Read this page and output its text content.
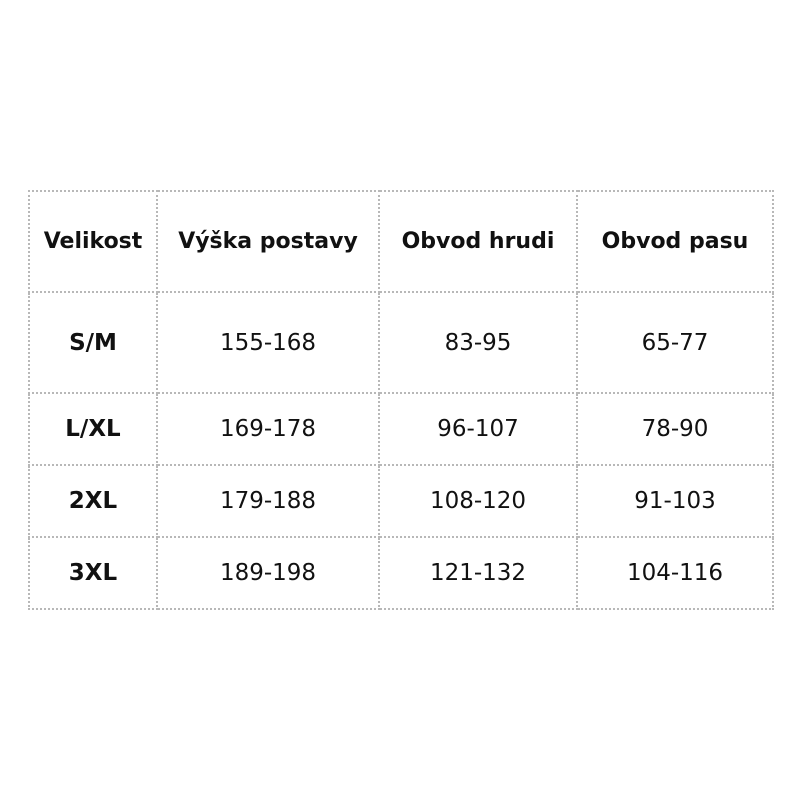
Velikost	Výška postavy	Obvod hrudi	Obvod pasu
S/M	155-168	83-95	65-77
L/XL	169-178	96-107	78-90
2XL	179-188	108-120	91-103
3XL	189-198	121-132	104-116
